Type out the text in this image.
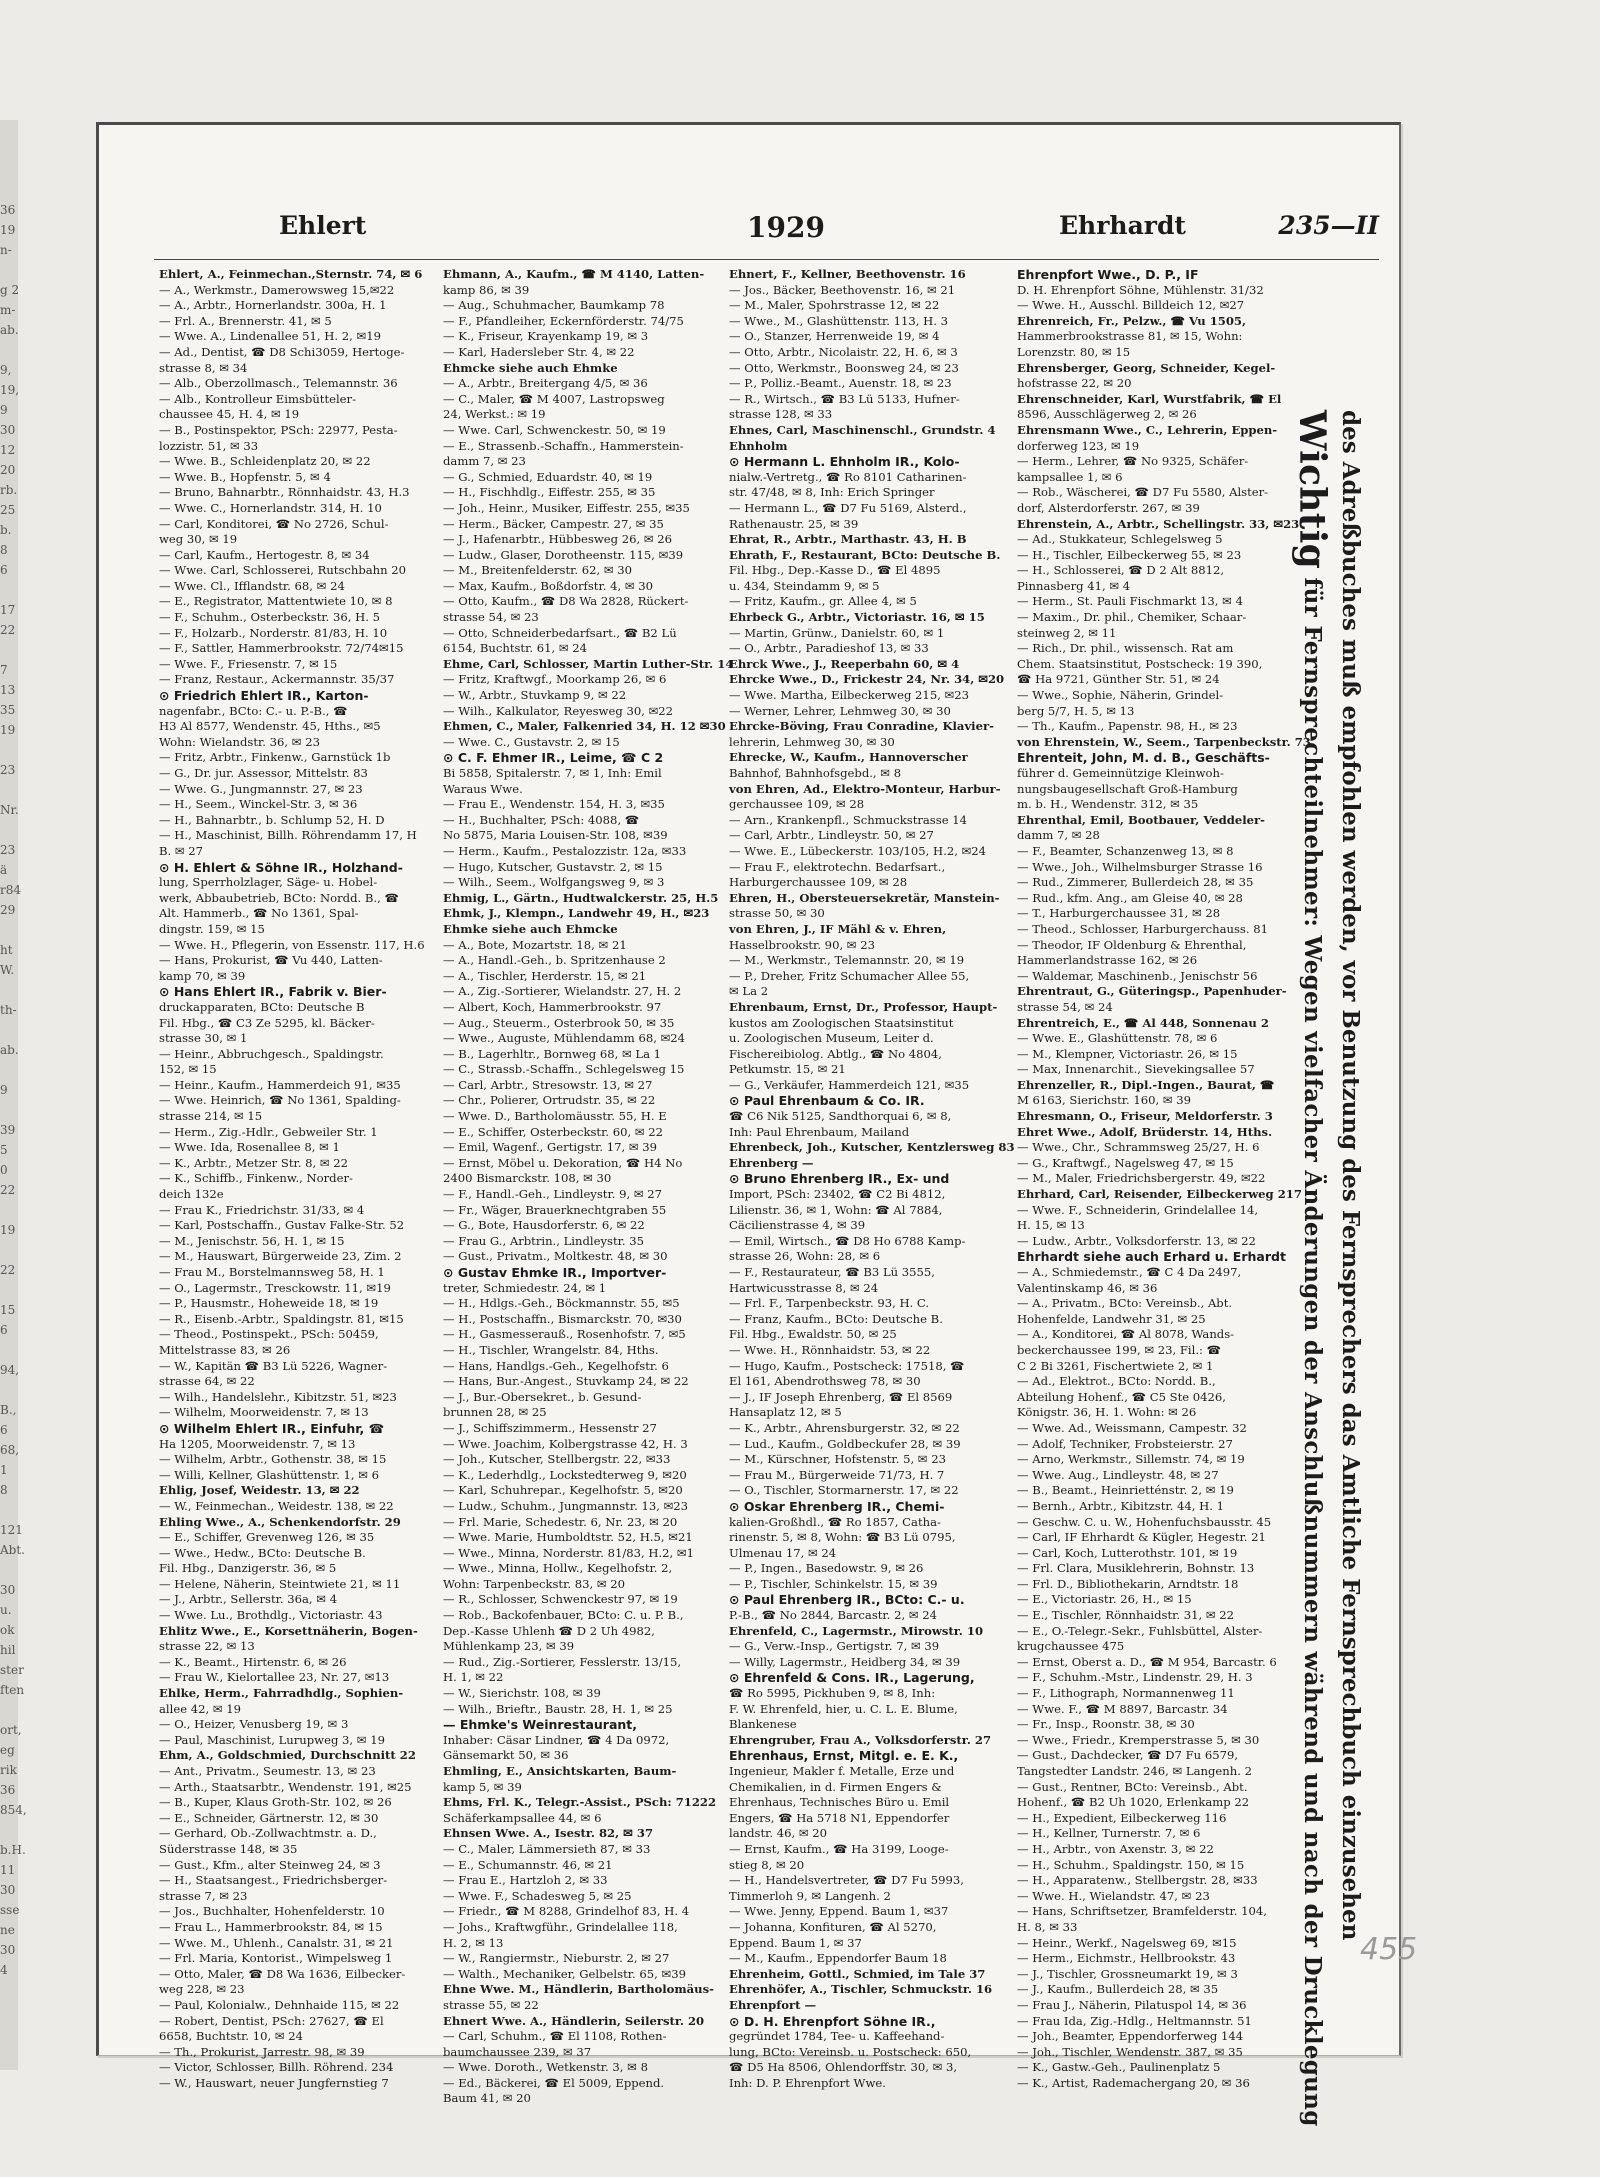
36
19
n-
g 2
m-
ab.
9,
19,
9
30
12
20
rb.
25
b.
8
6
17
22
7
13
35
19
23
Nr.
23
ä
r84
29
ht
W.
th-
ab.
9
39
5
0
22
19
22
15
6
94,
B.,
6
68,
1
8
121
Abt.
30
u.
ok
hil
ster
ften
ort,
eg
rik
36
854,
b.H.
11
30
sse
ne
30
4
Ehlert	1929	Ehrhardt	235—II
Ehlert, A., Feinmechan.,Sternstr. 74, ✉ 6
— A., Werkmstr., Damerowsweg 15,✉22
— A., Arbtr., Hornerlandstr. 300a, H. 1
— Frl. A., Brennerstr. 41, ✉ 5
— Wwe. A., Lindenallee 51, H. 2, ✉19
— Ad., Dentist, ☎ D8 Schi3059, Hertoge-
strasse 8, ✉ 34
— Alb., Oberzollmasch., Telemannstr. 36
— Alb., Kontrolleur Eimsbütteler-
chaussee 45, H. 4, ✉ 19
— B., Postinspektor, PSch: 22977, Pesta-
lozzistr. 51, ✉ 33
— Wwe. B., Schleidenplatz 20, ✉ 22
— Wwe. B., Hopfenstr. 5, ✉ 4
— Bruno, Bahnarbtr., Rönnhaidstr. 43, H.3
— Wwe. C., Hornerlandstr. 314, H. 10
— Carl, Konditorei, ☎ No 2726, Schul-
weg 30, ✉ 19
— Carl, Kaufm., Hertogestr. 8, ✉ 34
— Wwe. Carl, Schlosserei, Rutschbahn 20
— Wwe. Cl., Ifflandstr. 68, ✉ 24
— E., Registrator, Mattentwiete 10, ✉ 8
— F., Schuhm., Osterbeckstr. 36, H. 5
— F., Holzarb., Norderstr. 81/83, H. 10
— F., Sattler, Hammerbrookstr. 72/74✉15
— Wwe. F., Friesenstr. 7, ✉ 15
— Franz, Restaur., Ackermannstr. 35/37
⊙ Friedrich Ehlert IR., Karton-
nagenfabr., BCto: C.- u. P.-B., ☎
H3 Al 8577, Wendenstr. 45, Hths., ✉5
Wohn: Wielandstr. 36, ✉ 23
— Fritz, Arbtr., Finkenw., Garnstück 1b
— G., Dr. jur. Assessor, Mittelstr. 83
— Wwe. G., Jungmannstr. 27, ✉ 23
— H., Seem., Winckel-Str. 3, ✉ 36
— H., Bahnarbtr., b. Schlump 52, H. D
— H., Maschinist, Billh. Röhrendamm 17, H
B. ✉ 27
⊙ H. Ehlert & Söhne IR., Holzhand-
lung, Sperrholzlager, Säge- u. Hobel-
werk, Abbaubetrieb, BCto: Nordd. B., ☎
Alt. Hammerb., ☎ No 1361, Spal-
dingstr. 159, ✉ 15
— Wwe. H., Pflegerin, von Essenstr. 117, H.6
— Hans, Prokurist, ☎ Vu 440, Latten-
kamp 70, ✉ 39
⊙ Hans Ehlert IR., Fabrik v. Bier-
druckapparaten, BCto: Deutsche B
Fil. Hbg., ☎ C3 Ze 5295, kl. Bäcker-
strasse 30, ✉ 1
— Heinr., Abbruchgesch., Spaldingstr.
152, ✉ 15
— Heinr., Kaufm., Hammerdeich 91, ✉35
— Wwe. Heinrich, ☎ No 1361, Spalding-
strasse 214, ✉ 15
— Herm., Zig.-Hdlr., Gebweiler Str. 1
— Wwe. Ida, Rosenallee 8, ✉ 1
— K., Arbtr., Metzer Str. 8, ✉ 22
— K., Schiffb., Finkenw., Norder-
deich 132e
— Frau K., Friedrichstr. 31/33, ✉ 4
— Karl, Postschaffn., Gustav Falke-Str. 52
— M., Jenischstr. 56, H. 1, ✉ 15
— M., Hauswart, Bürgerweide 23, Zim. 2
— Frau M., Borstelmannsweg 58, H. 1
— O., Lagermstr., Tresckowstr. 11, ✉19
— P., Hausmstr., Hoheweide 18, ✉ 19
— R., Eisenb.-Arbtr., Spaldingstr. 81, ✉15
— Theod., Postinspekt., PSch: 50459,
Mittelstrasse 83, ✉ 26
— W., Kapitän ☎ B3 Lü 5226, Wagner-
strasse 64, ✉ 22
— Wilh., Handelslehr., Kibitzstr. 51, ✉23
— Wilhelm, Moorweidenstr. 7, ✉ 13
⊙ Wilhelm Ehlert IR., Einfuhr, ☎
Ha 1205, Moorweidenstr. 7, ✉ 13
— Wilhelm, Arbtr., Gothenstr. 38, ✉ 15
— Willi, Kellner, Glashüttenstr. 1, ✉ 6
Ehlig, Josef, Weidestr. 13, ✉ 22
— W., Feinmechan., Weidestr. 138, ✉ 22
Ehling Wwe., A., Schenkendorfstr. 29
— E., Schiffer, Grevenweg 126, ✉ 35
— Wwe., Hedw., BCto: Deutsche B.
Fil. Hbg., Danzigerstr. 36, ✉ 5
— Helene, Näherin, Steintwiete 21, ✉ 11
— J., Arbtr., Sellerstr. 36a, ✉ 4
— Wwe. Lu., Brothdlg., Victoriastr. 43
Ehlitz Wwe., E., Korsettnäherin, Bogen-
strasse 22, ✉ 13
— K., Beamt., Hirtenstr. 6, ✉ 26
— Frau W., Kielortallee 23, Nr. 27, ✉13
Ehlke, Herm., Fahrradhdlg., Sophien-
allee 42, ✉ 19
— O., Heizer, Venusberg 19, ✉ 3
— Paul, Maschinist, Lurupweg 3, ✉ 19
Ehm, A., Goldschmied, Durchschnitt 22
— Ant., Privatm., Seumestr. 13, ✉ 23
— Arth., Staatsarbtr., Wendenstr. 191, ✉25
— B., Kuper, Klaus Groth-Str. 102, ✉ 26
— E., Schneider, Gärtnerstr. 12, ✉ 30
— Gerhard, Ob.-Zollwachtmstr. a. D.,
Süderstrasse 148, ✉ 35
— Gust., Kfm., alter Steinweg 24, ✉ 3
— H., Staatsangest., Friedrichsberger-
strasse 7, ✉ 23
— Jos., Buchhalter, Hohenfelderstr. 10
— Frau L., Hammerbrookstr. 84, ✉ 15
— Wwe. M., Uhlenh., Canalstr. 31, ✉ 21
— Frl. Maria, Kontorist., Wimpelsweg 1
— Otto, Maler, ☎ D8 Wa 1636, Eilbecker-
weg 228, ✉ 23
— Paul, Kolonialw., Dehnhaide 115, ✉ 22
— Robert, Dentist, PSch: 27627, ☎ El
6658, Buchtstr. 10, ✉ 24
— Th., Prokurist, Jarrestr. 98, ✉ 39
— Victor, Schlosser, Billh. Röhrend. 234
— W., Hauswart, neuer Jungfernstieg 7
Ehmann, A., Kaufm., ☎ M 4140, Latten-
kamp 86, ✉ 39
— Aug., Schuhmacher, Baumkamp 78
— F., Pfandleiher, Eckernförderstr. 74/75
— K., Friseur, Krayenkamp 19, ✉ 3
— Karl, Hadersleber Str. 4, ✉ 22
Ehmcke siehe auch Ehmke
— A., Arbtr., Breitergang 4/5, ✉ 36
— C., Maler, ☎ M 4007, Lastropsweg
24, Werkst.: ✉ 19
— Wwe. Carl, Schwenckestr. 50, ✉ 19
— E., Strassenb.-Schaffn., Hammerstein-
damm 7, ✉ 23
— G., Schmied, Eduardstr. 40, ✉ 19
— H., Fischhdlg., Eiffestr. 255, ✉ 35
— Joh., Heinr., Musiker, Eiffestr. 255, ✉35
— Herm., Bäcker, Campestr. 27, ✉ 35
— J., Hafenarbtr., Hübbesweg 26, ✉ 26
— Ludw., Glaser, Dorotheenstr. 115, ✉39
— M., Breitenfelderstr. 62, ✉ 30
— Max, Kaufm., Boßdorfstr. 4, ✉ 30
— Otto, Kaufm., ☎ D8 Wa 2828, Rückert-
strasse 54, ✉ 23
— Otto, Schneiderbedarfsart., ☎ B2 Lü
6154, Buchtstr. 61, ✉ 24
Ehme, Carl, Schlosser, Martin Luther-Str. 14
— Fritz, Kraftwgf., Moorkamp 26, ✉ 6
— W., Arbtr., Stuvkamp 9, ✉ 22
— Wilh., Kalkulator, Reyesweg 30, ✉22
Ehmen, C., Maler, Falkenried 34, H. 12 ✉30
— Wwe. C., Gustavstr. 2, ✉ 15
⊙ C. F. Ehmer IR., Leime, ☎ C 2
Bi 5858, Spitalerstr. 7, ✉ 1, Inh: Emil
Waraus Wwe.
— Frau E., Wendenstr. 154, H. 3, ✉35
— H., Buchhalter, PSch: 4088, ☎
No 5875, Maria Louisen-Str. 108, ✉39
— Herm., Kaufm., Pestalozzistr. 12a, ✉33
— Hugo, Kutscher, Gustavstr. 2, ✉ 15
— Wilh., Seem., Wolfgangsweg 9, ✉ 3
Ehmig, L., Gärtn., Hudtwalckerstr. 25, H.5
Ehmk, J., Klempn., Landwehr 49, H., ✉23
Ehmke siehe auch Ehmcke
— A., Bote, Mozartstr. 18, ✉ 21
— A., Handl.-Geh., b. Spritzenhause 2
— A., Tischler, Herderstr. 15, ✉ 21
— A., Zig.-Sortierer, Wielandstr. 27, H. 2
— Albert, Koch, Hammerbrookstr. 97
— Aug., Steuerm., Osterbrook 50, ✉ 35
— Wwe., Auguste, Mühlendamm 68, ✉24
— B., Lagerhltr., Bornweg 68, ✉ La 1
— C., Strassb.-Schaffn., Schlegelsweg 15
— Carl, Arbtr., Stresowstr. 13, ✉ 27
— Chr., Polierer, Ortrudstr. 35, ✉ 22
— Wwe. D., Bartholomäusstr. 55, H. E
— E., Schiffer, Osterbeckstr. 60, ✉ 22
— Emil, Wagenf., Gertigstr. 17, ✉ 39
— Ernst, Möbel u. Dekoration, ☎ H4 No
2400 Bismarckstr. 108, ✉ 30
— F., Handl.-Geh., Lindleystr. 9, ✉ 27
— Fr., Wäger, Brauerknechtgraben 55
— G., Bote, Hausdorferstr. 6, ✉ 22
— Frau G., Arbtrin., Lindleystr. 35
— Gust., Privatm., Moltkestr. 48, ✉ 30
⊙ Gustav Ehmke IR., Importver-
treter, Schmiedestr. 24, ✉ 1
— H., Hdlgs.-Geh., Böckmannstr. 55, ✉5
— H., Postschaffn., Bismarckstr. 70, ✉30
— H., Gasmesserauß., Rosenhofstr. 7, ✉5
— H., Tischler, Wrangelstr. 84, Hths.
— Hans, Handlgs.-Geh., Kegelhofstr. 6
— Hans, Bur.-Angest., Stuvkamp 24, ✉ 22
— J., Bur.-Obersekret., b. Gesund-
brunnen 28, ✉ 25
— J., Schiffszimmerm., Hessenstr 27
— Wwe. Joachim, Kolbergstrasse 42, H. 3
— Joh., Kutscher, Stellbergstr. 22, ✉33
— K., Lederhdlg., Lockstedterweg 9, ✉20
— Karl, Schuhrepar., Kegelhofstr. 5, ✉20
— Ludw., Schuhm., Jungmannstr. 13, ✉23
— Frl. Marie, Schedestr. 6, Nr. 23, ✉ 20
— Wwe. Marie, Humboldtstr. 52, H.5, ✉21
— Wwe., Minna, Norderstr. 81/83, H.2, ✉1
— Wwe., Minna, Hollw., Kegelhofstr. 2,
Wohn: Tarpenbeckstr. 83, ✉ 20
— R., Schlosser, Schwenckestr 97, ✉ 19
— Rob., Backofenbauer, BCto: C. u. P. B.,
Dep.-Kasse Uhlenh ☎ D 2 Uh 4982,
Mühlenkamp 23, ✉ 39
— Rud., Zig.-Sortierer, Fesslerstr. 13/15,
H. 1, ✉ 22
— W., Sierichstr. 108, ✉ 39
— Wilh., Brieftr., Baustr. 28, H. 1, ✉ 25
— Ehmke's Weinrestaurant,
Inhaber: Cäsar Lindner, ☎ 4 Da 0972,
Gänsemarkt 50, ✉ 36
Ehmling, E., Ansichtskarten, Baum-
kamp 5, ✉ 39
Ehms, Frl. K., Telegr.-Assist., PSch: 71222
Schäferkampsallee 44, ✉ 6
Ehnsen Wwe. A., Isestr. 82, ✉ 37
— C., Maler, Lämmersieth 87, ✉ 33
— E., Schumannstr. 46, ✉ 21
— Frau E., Hartzloh 2, ✉ 33
— Wwe. F., Schadesweg 5, ✉ 25
— Friedr., ☎ M 8288, Grindelhof 83, H. 4
— Johs., Kraftwgführ., Grindelallee 118,
H. 2, ✉ 13
— W., Rangiermstr., Nieburstr. 2, ✉ 27
— Walth., Mechaniker, Gelbelstr. 65, ✉39
Ehne Wwe. M., Händlerin, Bartholomäus-
strasse 55, ✉ 22
Ehnert Wwe. A., Händlerin, Seilerstr. 20
— Carl, Schuhm., ☎ El 1108, Rothen-
baumchaussee 239, ✉ 37
— Wwe. Doroth., Wetkenstr. 3, ✉ 8
— Ed., Bäckerei, ☎ El 5009, Eppend.
Baum 41, ✉ 20
Ehnert, F., Kellner, Beethovenstr. 16
— Jos., Bäcker, Beethovenstr. 16, ✉ 21
— M., Maler, Spohrstrasse 12, ✉ 22
— Wwe., M., Glashüttenstr. 113, H. 3
— O., Stanzer, Herrenweide 19, ✉ 4
— Otto, Arbtr., Nicolaistr. 22, H. 6, ✉ 3
— Otto, Werkmstr., Boonsweg 24, ✉ 23
— P., Polliz.-Beamt., Auenstr. 18, ✉ 23
— R., Wirtsch., ☎ B3 Lü 5133, Hufner-
strasse 128, ✉ 33
Ehnes, Carl, Maschinenschl., Grundstr. 4
Ehnholm
⊙ Hermann L. Ehnholm IR., Kolo-
nialw.-Vertretg., ☎ Ro 8101 Catharinen-
str. 47/48, ✉ 8, Inh: Erich Springer
— Hermann L., ☎ D7 Fu 5169, Alsterd.,
Rathenaustr. 25, ✉ 39
Ehrat, R., Arbtr., Marthastr. 43, H. B
Ehrath, F., Restaurant, BCto: Deutsche B.
Fil. Hbg., Dep.-Kasse D., ☎ El 4895
u. 434, Steindamm 9, ✉ 5
— Fritz, Kaufm., gr. Allee 4, ✉ 5
Ehrbeck G., Arbtr., Victoriastr. 16, ✉ 15
— Martin, Grünw., Danielstr. 60, ✉ 1
— O., Arbtr., Paradieshof 13, ✉ 33
Ehrck Wwe., J., Reeperbahn 60, ✉ 4
Ehrcke Wwe., D., Frickestr 24, Nr. 34, ✉20
— Wwe. Martha, Eilbeckerweg 215, ✉23
— Werner, Lehrer, Lehmweg 30, ✉ 30
Ehrcke-Böving, Frau Conradine, Klavier-
lehrerin, Lehmweg 30, ✉ 30
Ehrecke, W., Kaufm., Hannoverscher
Bahnhof, Bahnhofsgebd., ✉ 8
von Ehren, Ad., Elektro-Monteur, Harbur-
gerchaussee 109, ✉ 28
— Arn., Krankenpfl., Schmuckstrasse 14
— Carl, Arbtr., Lindleystr. 50, ✉ 27
— Wwe. E., Lübeckerstr. 103/105, H.2, ✉24
— Frau F., elektrotechn. Bedarfsart.,
Harburgerchaussee 109, ✉ 28
Ehren, H., Obersteuersekretär, Manstein-
strasse 50, ✉ 30
von Ehren, J., IF Mähl & v. Ehren,
Hasselbrookstr. 90, ✉ 23
— M., Werkmstr., Telemannstr. 20, ✉ 19
— P., Dreher, Fritz Schumacher Allee 55,
✉ La 2
Ehrenbaum, Ernst, Dr., Professor, Haupt-
kustos am Zoologischen Staatsinstitut
u. Zoologischen Museum, Leiter d.
Fischereibiolog. Abtlg., ☎ No 4804,
Petkumstr. 15, ✉ 21
— G., Verkäufer, Hammerdeich 121, ✉35
⊙ Paul Ehrenbaum & Co. IR.
☎ C6 Nik 5125, Sandthorquai 6, ✉ 8,
Inh: Paul Ehrenbaum, Mailand
Ehrenbeck, Joh., Kutscher, Kentzlersweg 83
Ehrenberg —
⊙ Bruno Ehrenberg IR., Ex- und
Import, PSch: 23402, ☎ C2 Bi 4812,
Lilienstr. 36, ✉ 1, Wohn: ☎ Al 7884,
Cäcilienstrasse 4, ✉ 39
— Emil, Wirtsch., ☎ D8 Ho 6788 Kamp-
strasse 26, Wohn: 28, ✉ 6
— F., Restaurateur, ☎ B3 Lü 3555,
Hartwicusstrasse 8, ✉ 24
— Frl. F., Tarpenbeckstr. 93, H. C.
— Franz, Kaufm., BCto: Deutsche B.
Fil. Hbg., Ewaldstr. 50, ✉ 25
— Wwe. H., Rönnhaidstr. 53, ✉ 22
— Hugo, Kaufm., Postscheck: 17518, ☎
El 161, Abendrothsweg 78, ✉ 30
— J., IF Joseph Ehrenberg, ☎ El 8569
Hansaplatz 12, ✉ 5
— K., Arbtr., Ahrensburgerstr. 32, ✉ 22
— Lud., Kaufm., Goldbeckufer 28, ✉ 39
— M., Kürschner, Hofstenstr. 5, ✉ 23
— Frau M., Bürgerweide 71/73, H. 7
— O., Tischler, Stormarnerstr. 17, ✉ 22
⊙ Oskar Ehrenberg IR., Chemi-
kalien-Großhdl., ☎ Ro 1857, Catha-
rinenstr. 5, ✉ 8, Wohn: ☎ B3 Lü 0795,
Ulmenau 17, ✉ 24
— P., Ingen., Basedowstr. 9, ✉ 26
— P., Tischler, Schinkelstr. 15, ✉ 39
⊙ Paul Ehrenberg IR., BCto: C.- u.
P.-B., ☎ No 2844, Barcastr. 2, ✉ 24
Ehrenfeld, C., Lagermstr., Mirowstr. 10
— G., Verw.-Insp., Gertigstr. 7, ✉ 39
— Willy, Lagermstr., Heidberg 34, ✉ 39
⊙ Ehrenfeld & Cons. IR., Lagerung,
☎ Ro 5995, Pickhuben 9, ✉ 8, Inh:
F. W. Ehrenfeld, hier, u. C. L. E. Blume,
Blankenese
Ehrengruber, Frau A., Volksdorferstr. 27
Ehrenhaus, Ernst, Mitgl. e. E. K.,
Ingenieur, Makler f. Metalle, Erze und
Chemikalien, in d. Firmen Engers &
Ehrenhaus, Technisches Büro u. Emil
Engers, ☎ Ha 5718 N1, Eppendorfer
landstr. 46, ✉ 20
— Ernst, Kaufm., ☎ Ha 3199, Looge-
stieg 8, ✉ 20
— H., Handelsvertreter, ☎ D7 Fu 5993,
Timmerloh 9, ✉ Langenh. 2
— Wwe. Jenny, Eppend. Baum 1, ✉37
— Johanna, Konfituren, ☎ Al 5270,
Eppend. Baum 1, ✉ 37
— M., Kaufm., Eppendorfer Baum 18
Ehrenheim, Gottl., Schmied, im Tale 37
Ehrenhöfer, A., Tischler, Schmuckstr. 16
Ehrenpfort —
⊙ D. H. Ehrenpfort Söhne IR.,
gegründet 1784, Tee- u. Kaffeehand-
lung, BCto: Vereinsb. u. Postscheck: 650,
☎ D5 Ha 8506, Ohlendorffstr. 30, ✉ 3,
Inh: D. P. Ehrenpfort Wwe.
Ehrenpfort Wwe., D. P., IF
D. H. Ehrenpfort Söhne, Mühlenstr. 31/32
— Wwe. H., Ausschl. Billdeich 12, ✉27
Ehrenreich, Fr., Pelzw., ☎ Vu 1505,
Hammerbrookstrasse 81, ✉ 15, Wohn:
Lorenzstr. 80, ✉ 15
Ehrensberger, Georg, Schneider, Kegel-
hofstrasse 22, ✉ 20
Ehrenschneider, Karl, Wurstfabrik, ☎ El
8596, Ausschlägerweg 2, ✉ 26
Ehrensmann Wwe., C., Lehrerin, Eppen-
dorferweg 123, ✉ 19
— Herm., Lehrer, ☎ No 9325, Schäfer-
kampsallee 1, ✉ 6
— Rob., Wäscherei, ☎ D7 Fu 5580, Alster-
dorf, Alsterdorferstr. 267, ✉ 39
Ehrenstein, A., Arbtr., Schellingstr. 33, ✉23
— Ad., Stukkateur, Schlegelsweg 5
— H., Tischler, Eilbeckerweg 55, ✉ 23
— H., Schlosserei, ☎ D 2 Alt 8812,
Pinnasberg 41, ✉ 4
— Herm., St. Pauli Fischmarkt 13, ✉ 4
— Maxim., Dr. phil., Chemiker, Schaar-
steinweg 2, ✉ 11
— Rich., Dr. phil., wissensch. Rat am
Chem. Staatsinstitut, Postscheck: 19 390,
☎ Ha 9721, Günther Str. 51, ✉ 24
— Wwe., Sophie, Näherin, Grindel-
berg 5/7, H. 5, ✉ 13
— Th., Kaufm., Papenstr. 98, H., ✉ 23
von Ehrenstein, W., Seem., Tarpenbeckstr. 73
Ehrenteit, John, M. d. B., Geschäfts-
führer d. Gemeinnützige Kleinwoh-
nungsbaugesellschaft Groß-Hamburg
m. b. H., Wendenstr. 312, ✉ 35
Ehrenthal, Emil, Bootbauer, Veddeler-
damm 7, ✉ 28
— F., Beamter, Schanzenweg 13, ✉ 8
— Wwe., Joh., Wilhelmsburger Strasse 16
— Rud., Zimmerer, Bullerdeich 28, ✉ 35
— Rud., kfm. Ang., am Gleise 40, ✉ 28
— T., Harburgerchaussee 31, ✉ 28
— Theod., Schlosser, Harburgerchauss. 81
— Theodor, IF Oldenburg & Ehrenthal,
Hammerlandstrasse 162, ✉ 26
— Waldemar, Maschinenb., Jenischstr 56
Ehrentraut, G., Güteringsp., Papenhuder-
strasse 54, ✉ 24
Ehrentreich, E., ☎ Al 448, Sonnenau 2
— Wwe. E., Glashüttenstr. 78, ✉ 6
— M., Klempner, Victoriastr. 26, ✉ 15
— Max, Innenarchit., Sievekingsallee 57
Ehrenzeller, R., Dipl.-Ingen., Baurat, ☎
M 6163, Sierichstr. 160, ✉ 39
Ehresmann, O., Friseur, Meldorferstr. 3
Ehret Wwe., Adolf, Brüderstr. 14, Hths.
— Wwe., Chr., Schrammsweg 25/27, H. 6
— G., Kraftwgf., Nagelsweg 47, ✉ 15
— M., Maler, Friedrichsbergerstr. 49, ✉22
Ehrhard, Carl, Reisender, Eilbeckerweg 217
— Wwe. F., Schneiderin, Grindelallee 14,
H. 15, ✉ 13
— Ludw., Arbtr., Volksdorferstr. 13, ✉ 22
Ehrhardt siehe auch Erhard u. Erhardt
— A., Schmiedemstr., ☎ C 4 Da 2497,
Valentinskamp 46, ✉ 36
— A., Privatm., BCto: Vereinsb., Abt.
Hohenfelde, Landwehr 31, ✉ 25
— A., Konditorei, ☎ Al 8078, Wands-
beckerchaussee 199, ✉ 23, Fil.: ☎
C 2 Bi 3261, Fischertwiete 2, ✉ 1
— Ad., Elektrot., BCto: Nordd. B.,
Abteilung Hohenf., ☎ C5 Ste 0426,
Königstr. 36, H. 1. Wohn: ✉ 26
— Wwe. Ad., Weissmann, Campestr. 32
— Adolf, Techniker, Frobsteierstr. 27
— Arno, Werkmstr., Sillemstr. 74, ✉ 19
— Wwe. Aug., Lindleystr. 48, ✉ 27
— B., Beamt., Heinrietténstr. 2, ✉ 19
— Bernh., Arbtr., Kibitzstr. 44, H. 1
— Geschw. C. u. W., Hohenfuchsbausstr. 45
— Carl, IF Ehrhardt & Kügler, Hegestr. 21
— Carl, Koch, Lutterothstr. 101, ✉ 19
— Frl. Clara, Musiklehrerin, Bohnstr. 13
— Frl. D., Bibliothekarin, Arndtstr. 18
— E., Victoriastr. 26, H., ✉ 15
— E., Tischler, Rönnhaidstr. 31, ✉ 22
— E., O.-Telegr.-Sekr., Fuhlsbüttel, Alster-
krugchaussee 475
— Ernst, Oberst a. D., ☎ M 954, Barcastr. 6
— F., Schuhm.-Mstr., Lindenstr. 29, H. 3
— F., Lithograph, Normannenweg 11
— Wwe. F., ☎ M 8897, Barcastr. 34
— Fr., Insp., Roonstr. 38, ✉ 30
— Wwe., Friedr., Kremperstrasse 5, ✉ 30
— Gust., Dachdecker, ☎ D7 Fu 6579,
Tangstedter Landstr. 246, ✉ Langenh. 2
— Gust., Rentner, BCto: Vereinsb., Abt.
Hohenf., ☎ B2 Uh 1020, Erlenkamp 22
— H., Expedient, Eilbeckerweg 116
— H., Kellner, Turnerstr. 7, ✉ 6
— H., Arbtr., von Axenstr. 3, ✉ 22
— H., Schuhm., Spaldingstr. 150, ✉ 15
— H., Apparatenw., Stellbergstr. 28, ✉33
— Wwe. H., Wielandstr. 47, ✉ 23
— Hans, Schriftsetzer, Bramfelderstr. 104,
H. 8, ✉ 33
— Heinr., Werkf., Nagelsweg 69, ✉15
— Herm., Eichmstr., Hellbrookstr. 43
— J., Tischler, Grossneumarkt 19, ✉ 3
— J., Kaufm., Bullerdeich 28, ✉ 35
— Frau J., Näherin, Pilatuspol 14, ✉ 36
— Frau Ida, Zig.-Hdlg., Heltmannstr. 51
— Joh., Beamter, Eppendorferweg 144
— Joh., Tischler, Wendenstr. 387, ✉ 35
— K., Gastw.-Geh., Paulinenplatz 5
— K., Artist, Rademachergang 20, ✉ 36
Wichtig für Fernsprechteilnehmer: Wegen vielfacher Änderungen der Anschlußnummern während und nach der Drucklegung des Adreßbuches muß empfohlen werden, vor Benutzung des Fernsprechers das Amtliche Fernsprechbuch einzusehen
455
